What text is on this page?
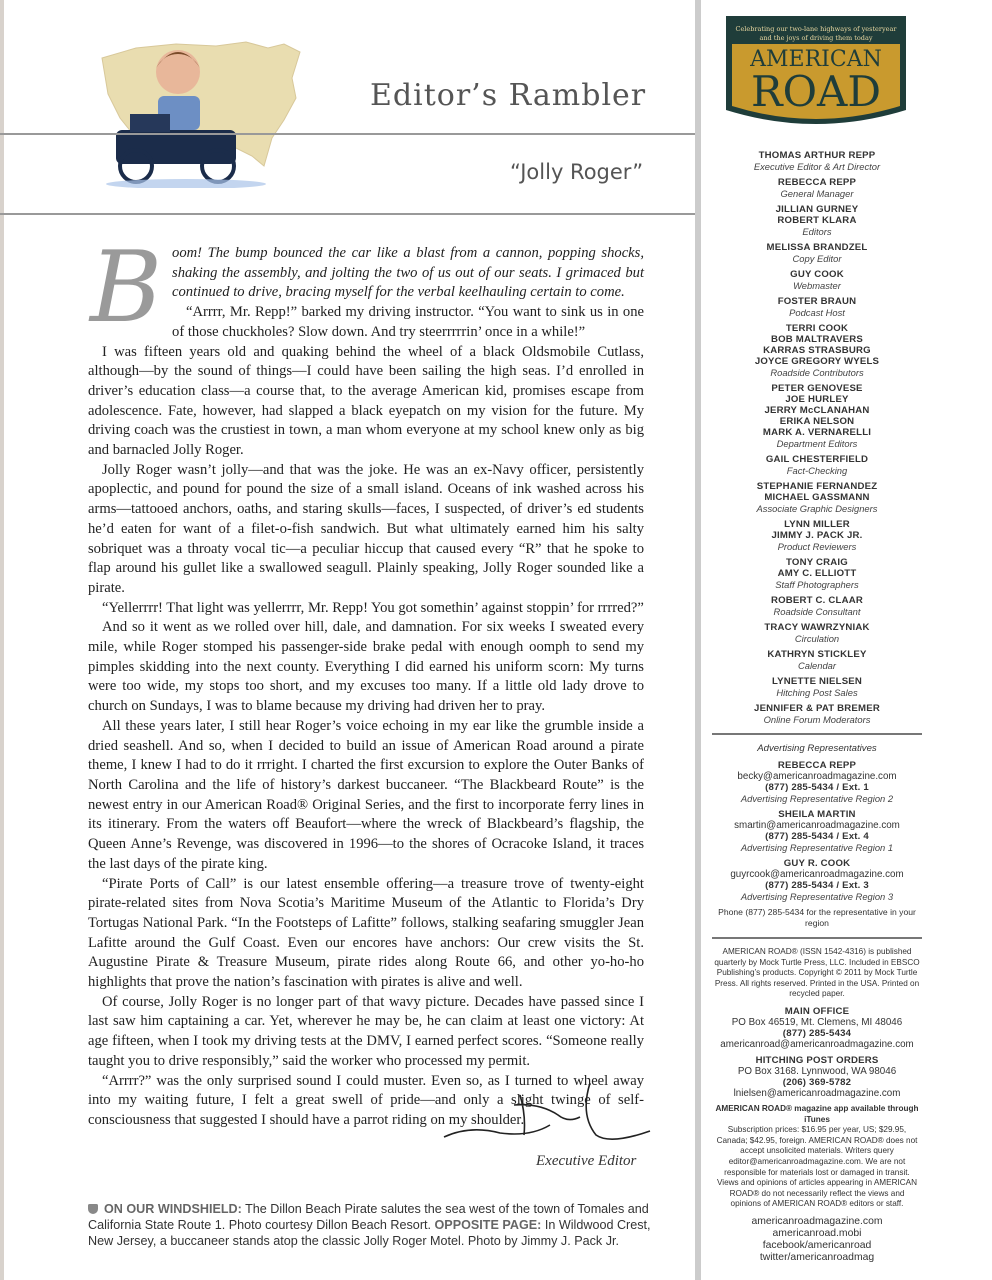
Editor’s Rambler
“Jolly Roger”

Boom! The bump bounced the car like a blast from a cannon, popping shocks, shaking the assembly, and jolting the two of us out of our seats. I grimaced but continued to drive, bracing myself for the verbal keelhauling certain to come.

“Arrrr, Mr. Repp!” barked my driving instructor. “You want to sink us in one of those chuckholes? Slow down. And try steerrrrrin’ once in a while!”

I was fifteen years old and quaking behind the wheel of a black Oldsmobile Cutlass, although—by the sound of things—I could have been sailing the high seas. I’d enrolled in driver’s education class—a course that, to the average American kid, promises escape from adolescence. Fate, however, had slapped a black eyepatch on my vision for the future. My driving coach was the crustiest in town, a man whom everyone at my school knew only as big and barnacled Jolly Roger.

Jolly Roger wasn’t jolly—and that was the joke. He was an ex-Navy officer, persistently apoplectic, and pound for pound the size of a small island. Oceans of ink washed across his arms—tattooed anchors, oaths, and staring skulls—faces, I suspected, of driver’s ed students he’d eaten for want of a filet-o-fish sandwich. But what ultimately earned him his salty sobriquet was a throaty vocal tic—a peculiar hiccup that caused every “R” that he spoke to flap around his gullet like a swallowed seagull. Plainly speaking, Jolly Roger sounded like a pirate.

“Yellerrrr! That light was yellerrrr, Mr. Repp! You got somethin’ against stoppin’ for rrrred?”

And so it went as we rolled over hill, dale, and damnation. For six weeks I sweated every mile, while Roger stomped his passenger-side brake pedal with enough oomph to send my pimples skidding into the next county. Everything I did earned his uniform scorn: My turns were too wide, my stops too short, and my excuses too many. If a little old lady drove to church on Sundays, I was to blame because my driving had driven her to pray.

All these years later, I still hear Roger’s voice echoing in my ear like the grumble inside a dried seashell. And so, when I decided to build an issue of American Road around a pirate theme, I knew I had to do it rrright. I charted the first excursion to explore the Outer Banks of North Carolina and the life of history’s darkest buccaneer. “The Blackbeard Route” is the newest entry in our American Road® Original Series, and the first to incorporate ferry lines in its itinerary. From the waters off Beaufort—where the wreck of Blackbeard’s flagship, the Queen Anne’s Revenge, was discovered in 1996—to the shores of Ocracoke Island, it traces the last days of the pirate king.

“Pirate Ports of Call” is our latest ensemble offering—a treasure trove of twenty-eight pirate-related sites from Nova Scotia’s Maritime Museum of the Atlantic to Florida’s Dry Tortugas National Park. “In the Footsteps of Lafitte” follows, stalking seafaring smuggler Jean Lafitte around the Gulf Coast. Even our encores have anchors: Our crew visits the St. Augustine Pirate & Treasure Museum, pirate rides along Route 66, and other yo-ho-ho highlights that prove the nation’s fascination with pirates is alive and well.

Of course, Jolly Roger is no longer part of that wavy picture. Decades have passed since I last saw him captaining a car. Yet, wherever he may be, he can claim at least one victory: At age fifteen, when I took my driving tests at the DMV, I earned perfect scores. “Someone really taught you to drive responsibly,” said the worker who processed my permit.

“Arrrr?” was the only surprised sound I could muster. Even so, as I turned to wheel away into my waiting future, I felt a great swell of pride—and only a slight twinge of self-consciousness that suggested I should have a parrot riding on my shoulder.

Executive Editor
ON OUR WINDSHIELD: The Dillon Beach Pirate salutes the sea west of the town of Tomales and California State Route 1. Photo courtesy Dillon Beach Resort. OPPOSITE PAGE: In Wildwood Crest, New Jersey, a buccaneer stands atop the classic Jolly Roger Motel. Photo by Jimmy J. Pack Jr.
Celebrating our two-lane highways of yesteryear
and the joys of driving them today
AMERICAN
ROAD
THOMAS ARTHUR REPP
Executive Editor & Art Director
REBECCA REPP
General Manager
JILLIAN GURNEY
ROBERT KLARA
Editors
MELISSA BRANDZEL
Copy Editor
GUY COOK
Webmaster
FOSTER BRAUN
Podcast Host
TERRI COOK
BOB MALTRAVERS
KARRAS STRASBURG
JOYCE GREGORY WYELS
Roadside Contributors
PETER GENOVESE
JOE HURLEY
JERRY McCLANAHAN
ERIKA NELSON
MARK A. VERNARELLI
Department Editors
GAIL CHESTERFIELD
Fact-Checking
STEPHANIE FERNANDEZ
MICHAEL GASSMANN
Associate Graphic Designers
LYNN MILLER
JIMMY J. PACK JR.
Product Reviewers
TONY CRAIG
AMY C. ELLIOTT
Staff Photographers
ROBERT C. CLAAR
Roadside Consultant
TRACY WAWRZYNIAK
Circulation
KATHRYN STICKLEY
Calendar
LYNETTE NIELSEN
Hitching Post Sales
JENNIFER & PAT BREMER
Online Forum Moderators
Advertising Representatives
REBECCA REPP
becky@americanroadmagazine.com
(877) 285-5434 / Ext. 1
Advertising Representative Region 2
SHEILA MARTIN
smartin@americanroadmagazine.com
(877) 285-5434 / Ext. 4
Advertising Representative Region 1
GUY R. COOK
guyrcook@americanroadmagazine.com
(877) 285-5434 / Ext. 3
Advertising Representative Region 3
Phone (877) 285-5434 for the representative in your region
AMERICAN ROAD® (ISSN 1542-4316) is published quarterly by Mock Turtle Press, LLC. Included in EBSCO Publishing’s products. Copyright © 2011 by Mock Turtle Press. All rights reserved. Printed in the USA. Printed on recycled paper.
MAIN OFFICE
PO Box 46519, Mt. Clemens, MI 48046
(877) 285-5434
americanroad@americanroadmagazine.com
HITCHING POST ORDERS
PO Box 3168. Lynnwood, WA 98046
(206) 369-5782
lnielsen@americanroadmagazine.com
AMERICAN ROAD® magazine app available through iTunes
Subscription prices: $16.95 per year, US; $29.95, Canada; $42.95, foreign. AMERICAN ROAD® does not accept unsolicited materials. Writers query editor@americanroadmagazine.com. We are not responsible for materials lost or damaged in transit. Views and opinions of articles appearing in AMERICAN ROAD® do not necessarily reflect the views and opinions of AMERICAN ROAD® editors or staff.
americanroadmagazine.com
americanroad.mobi
facebook/americanroad
twitter/americanroadmag
